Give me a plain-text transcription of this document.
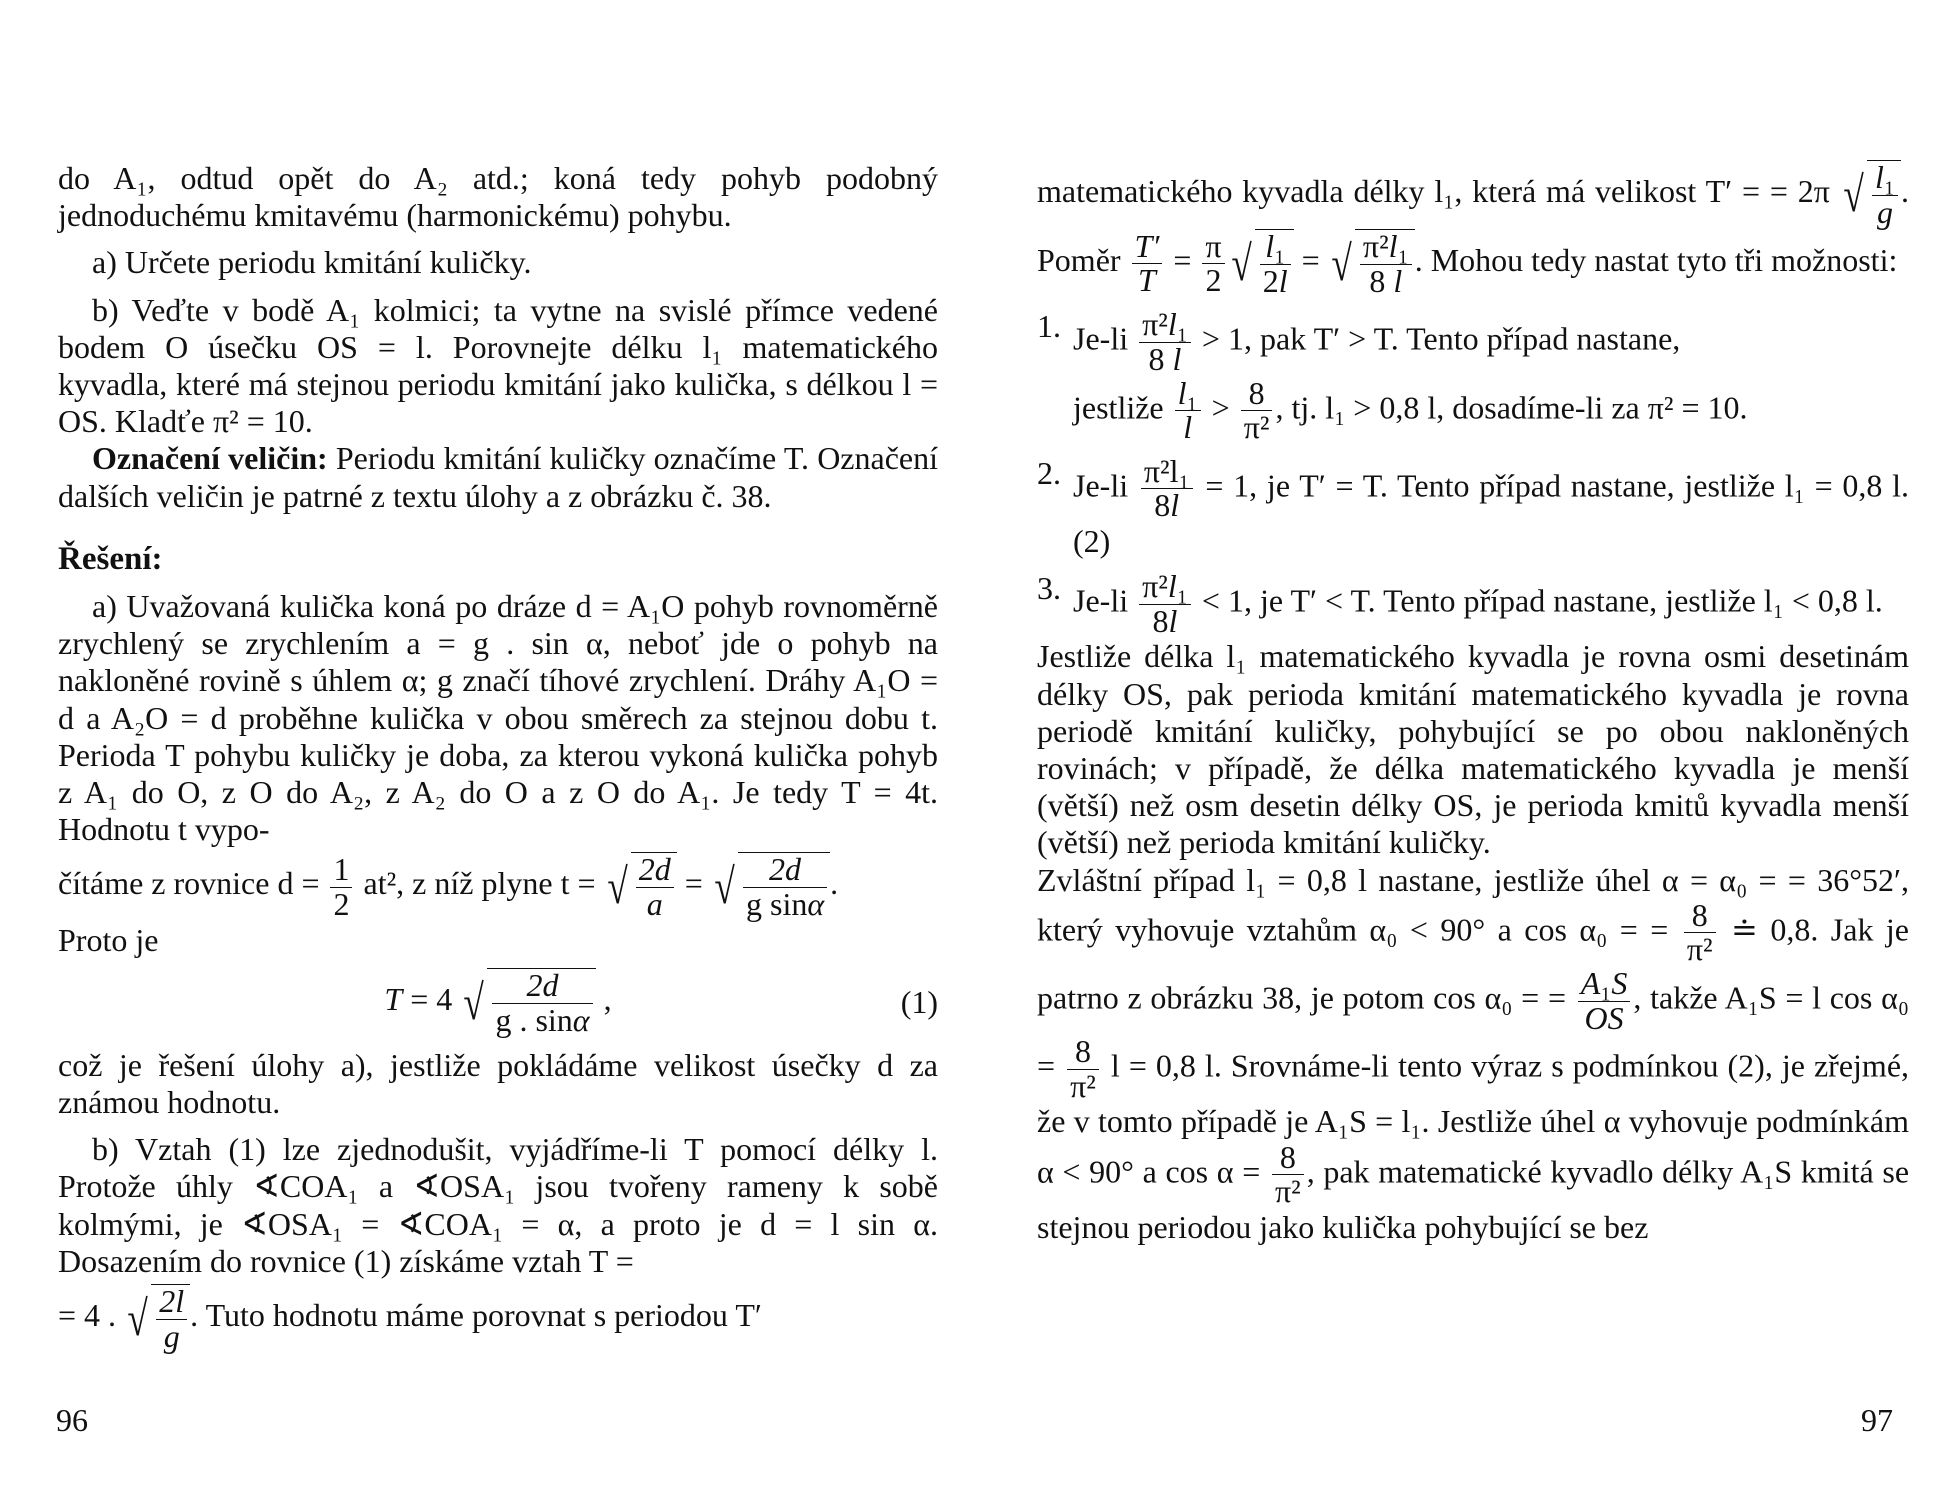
do A₁, odtud opět do A₂ atd.; koná tedy pohyb podobný jednoduchému kmitavému (harmonickému) pohybu.

a) Určete periodu kmitání kuličky.

b) Veďte v bodě A₁ kolmici; ta vytne na svislé přímce vedené bodem O úsečku OS = l. Porovnejte délku l₁ matematického kyvadla, které má stejnou periodu kmitání jako kulička, s délkou l = OS. Kladťe π² = 10.

Označení veličin: Periodu kmitání kuličky označíme T. Označení dalších veličin je patrné z textu úlohy a z obrázku č. 38.

Řešení:

a) Uvažovaná kulička koná po dráze d = A₁O pohyb rovnoměrně zrychlený se zrychlením a = g . sin α, neboť jde o pohyb na nakloněné rovině s úhlem α; g značí tíhové zrychlení. Dráhy A₁O = d a A₂O = d proběhne kulička v obou směrech za stejnou dobu t. Perioda T pohybu kuličky je doba, za kterou vykoná kulička pohyb z A₁ do O, z O do A₂, z A₂ do O a z O do A₁. Je tedy T = 4t. Hodnotu t vypo-

čítáme z rovnice $d = \frac{1}{2} at^2$, z níž plyne t = √ $\frac{2d}{a}$ = √ $\frac{2d}{\text{g sinα}}$ .

Proto je

T = 4 √ $\frac{2d}{g . \sin\alpha}$ ,	(1)

což je řešení úlohy a), jestliže pokládáme velikost úsečky d za známou hodnotu.

b) Vztah (1) lze zjednodušit, vyjádříme-li T pomocí délky l. Protože úhly ∢COA₁ a ∢OSA₁ jsou tvořeny rameny k sobě kolmými, je ∢OSA₁ = ∢COA₁ = α, a proto je d = l sin α. Dosazením do rovnice (1) získáme vztah T =

= 4 . √ $\frac{2l}{g}$ . Tuto hodnotu máme porovnat s periodou T′

96

matematického kyvadla délky l₁, která má velikost T′ = = 2π √ $\frac{\text{l₁}}{g}$ . Poměr $\frac{T'}{T} = \frac{\pi}{2}$ √ $\frac{\text{l₁}}{2l}$ = √ $\frac{\text{π²l₁}}{8 l}$ . Mohou tedy nastat tyto tři možnosti:

1. $Je-li \frac{\text{π²l₁}}{8 l} > 1$, pak T′ > T. Tento případ nastane,

jestliže $\frac{\text{l₁}}{l} > \frac{8}{\text{π²}}$ , tj. l₁ > 0,8 l, dosadíme-li za π² = 10.

2. $Je-li \frac{\text{π²l₁}}{8l} = 1$, je T′ = T. Tento případ nastane, jestliže l₁ = 0,8 l. (2)

3. $Je-li \frac{\text{π²l₁}}{8l} < 1$, je T′ < T. Tento případ nastane, jestliže l₁ < 0,8 l.

Jestliže délka l₁ matematického kyvadla je rovna osmi desetinám délky OS, pak perioda kmitání matematického kyvadla je rovna periodě kmitání kuličky, pohybující se po obou nakloněných rovinách; v případě, že délka matematického kyvadla je menší (větší) než osm desetin délky OS, je perioda kmitů kyvadla menší (větší) než perioda kmitání kuličky.

Zvláštní případ l₁ = 0,8 l nastane, jestliže úhel α = α₀ = = 36°52′, který vyhovuje vztahům α₀ < 90° a cos α₀ = = $\frac{8}{\text{π²}}$ ≐ 0,8. Jak je patrno z obrázku 38, je potom cos α₀ = = $\frac{\text{A₁S}}{OS}$ , takže A₁S = l $\cos \alpha_0 = \frac{8}{\text{π²}}$ l = 0,8 l. Srovnáme-li tento výraz s podmínkou (2), je zřejmé, že v tomto případě je A₁S = l₁. Jestliže úhel α vyhovuje podmínkám α < 90° a $\cos \alpha = \frac{8}{\text{π²}}$ , pak matematické kyvadlo délky A₁S kmitá se stejnou periodou jako kulička pohybující se bez

97
